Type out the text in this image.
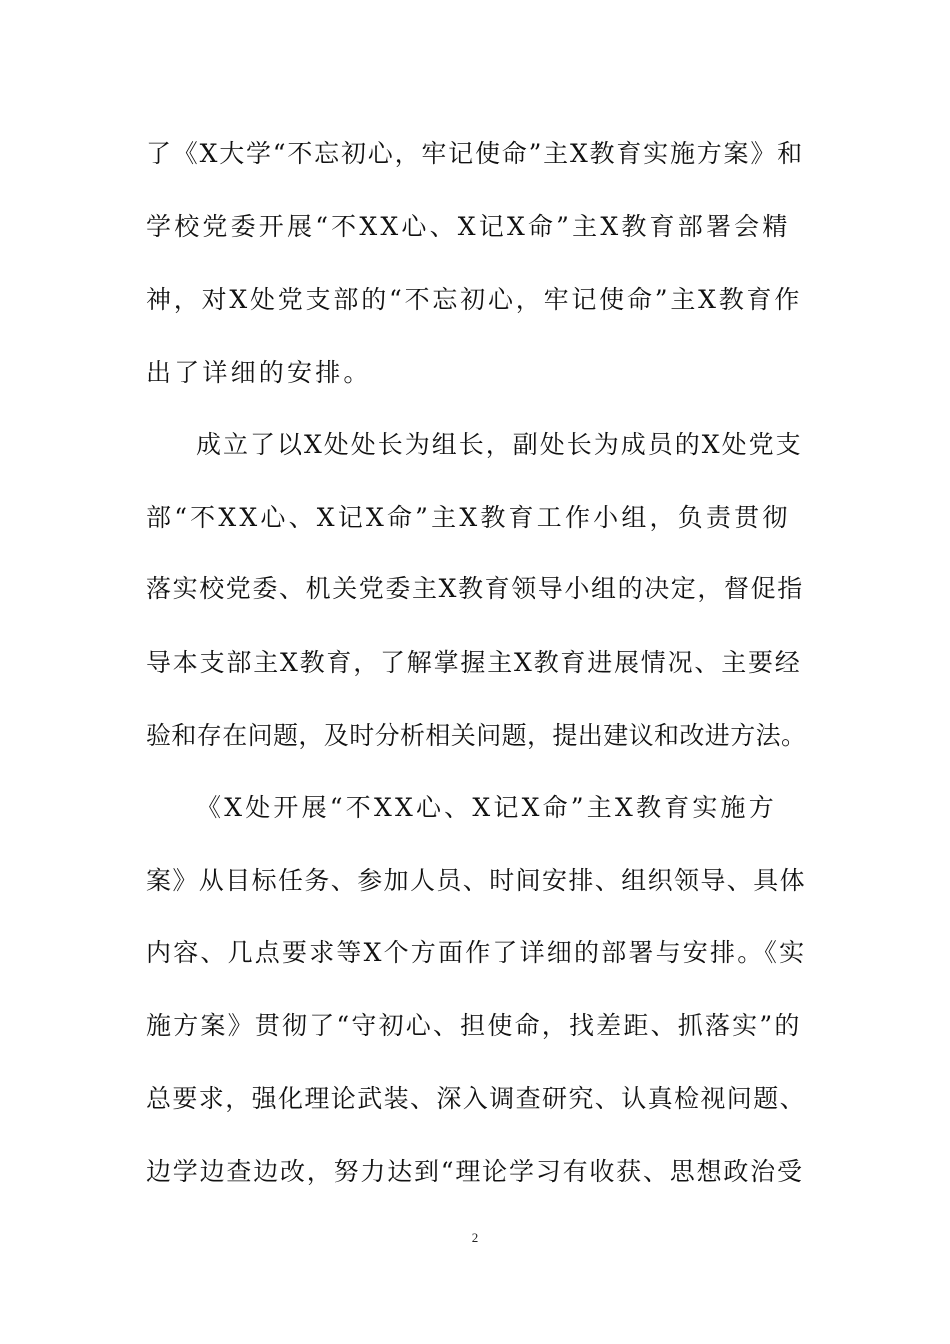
了《X大学“不忘初心，牢记使命”主X教育实施方案》和
学校党委开展“不XX心、X记X命”主X教育部署会精
神，对X处党支部的“不忘初心，牢记使命”主X教育作
出了详细的安排。
成立了以X处处长为组长，副处长为成员的X处党支
部“不XX心、X记X命”主X教育工作小组，负责贯彻
落实校党委、机关党委主X教育领导小组的决定，督促指
导本支部主X教育，了解掌握主X教育进展情况、主要经
验和存在问题，及时分析相关问题，提出建议和改进方法。
《X处开展“不XX心、X记X命”主X教育实施方
案》从目标任务、参加人员、时间安排、组织领导、具体
内容、几点要求等X个方面作了详细的部署与安排。《实
施方案》贯彻了“守初心、担使命，找差距、抓落实”的
总要求，强化理论武装、深入调查研究、认真检视问题、
边学边查边改，努力达到“理论学习有收获、思想政治受
2
